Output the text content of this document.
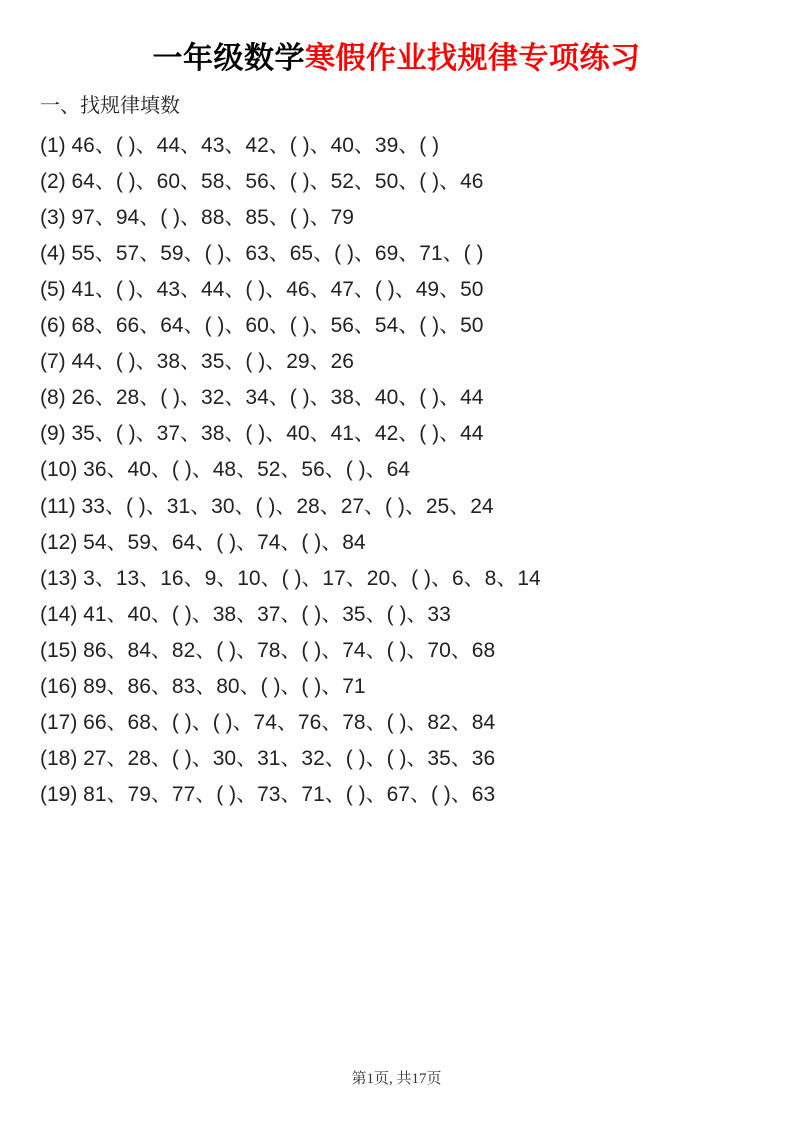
一年级数学寒假作业找规律专项练习
一、找规律填数
(1) 46、( )、44、43、42、( )、40、39、( )
(2) 64、( )、60、58、56、( )、52、50、( )、46
(3) 97、94、( )、88、85、( )、79
(4) 55、57、59、( )、63、65、( )、69、71、( )
(5) 41、( )、43、44、( )、46、47、( )、49、50
(6) 68、66、64、( )、60、( )、56、54、( )、50
(7) 44、( )、38、35、( )、29、26
(8) 26、28、( )、32、34、( )、38、40、( )、44
(9) 35、( )、37、38、( )、40、41、42、( )、44
(10) 36、40、( )、48、52、56、( )、64
(11) 33、( )、31、30、( )、28、27、( )、25、24
(12) 54、59、64、( )、74、( )、84
(13) 3、13、16、9、10、( )、17、20、( )、6、8、14
(14) 41、40、( )、38、37、( )、35、( )、33
(15) 86、84、82、( )、78、( )、74、( )、70、68
(16) 89、86、83、80、( )、( )、71
(17) 66、68、( )、( )、74、76、78、( )、82、84
(18) 27、28、( )、30、31、32、( )、( )、35、36
(19) 81、79、77、( )、73、71、( )、67、( )、63
第1页, 共17页
